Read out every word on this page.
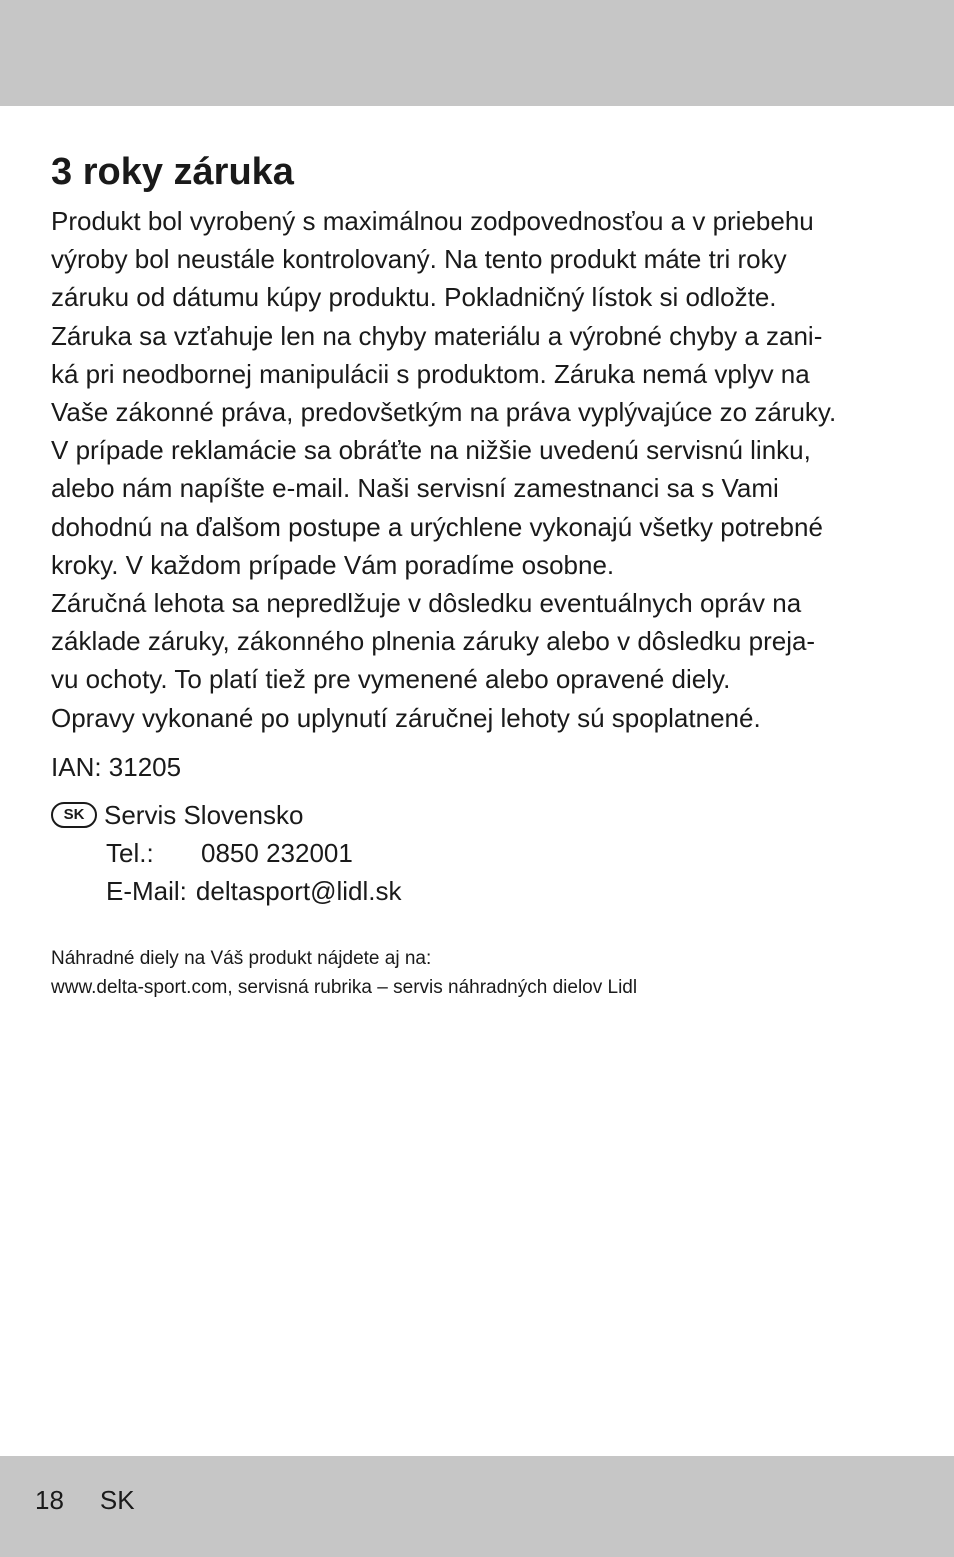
3 roky záruka
Produkt bol vyrobený s maximálnou zodpovednosťou a v priebehu
výroby bol neustále kontrolovaný. Na tento produkt máte tri roky
záruku od dátumu kúpy produktu. Pokladničný lístok si odložte.
Záruka sa vzťahuje len na chyby materiálu a výrobné chyby a zani-
ká pri neodbornej manipulácii s produktom. Záruka nemá vplyv na
Vaše zákonné práva, predovšetkým na práva vyplývajúce zo záruky.
V prípade reklamácie sa obráťte na nižšie uvedenú servisnú linku,
alebo nám napíšte e-mail. Naši servisní zamestnanci sa s Vami
dohodnú na ďalšom postupe a urýchlene vykonajú všetky potrebné
kroky. V každom prípade Vám poradíme osobne.
Záručná lehota sa nepredlžuje v dôsledku eventuálnych opráv na
základe záruky, zákonného plnenia záruky alebo v dôsledku preja-
vu ochoty. To platí tiež pre vymenené alebo opravené diely.
Opravy vykonané po uplynutí záručnej lehoty sú spoplatnené.
IAN: 31205
SK Servis Slovensko
Tel.:	0850 232001
E-Mail: deltasport@lidl.sk
Náhradné diely na Váš produkt nájdete aj na:
www.delta-sport.com, servisná rubrika – servis náhradných dielov Lidl
18 SK
